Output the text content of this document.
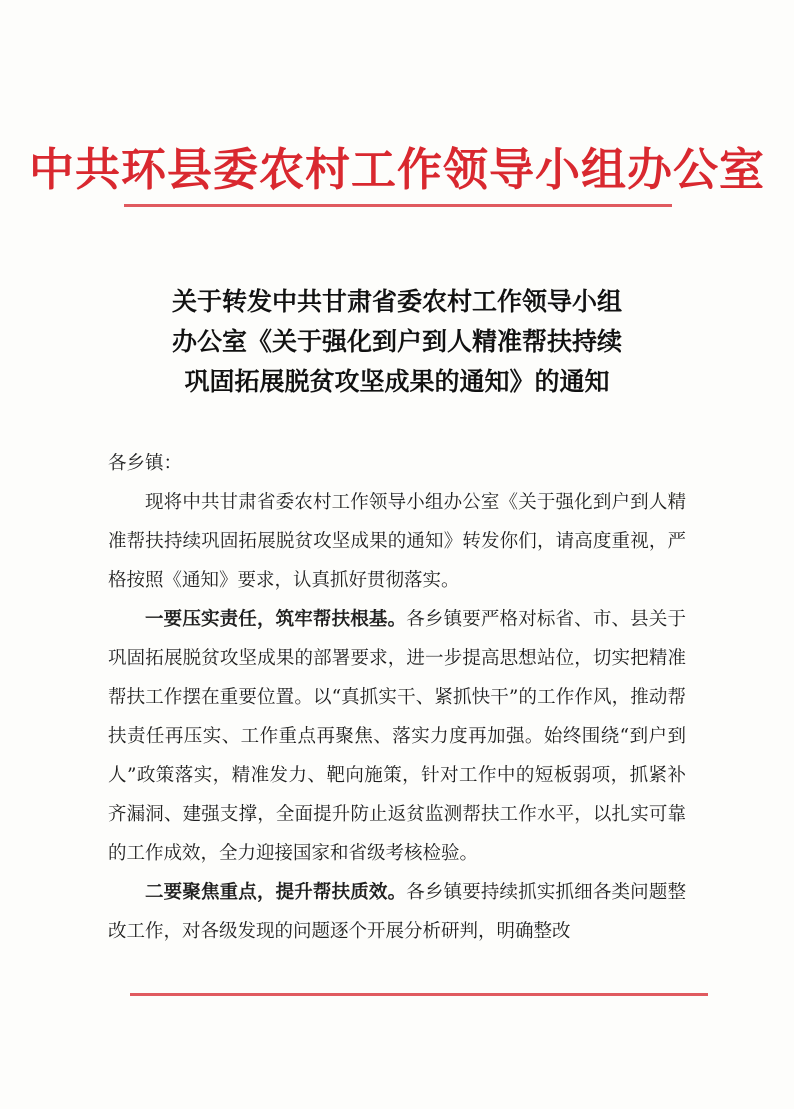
中共环县委农村工作领导小组办公室
关于转发中共甘肃省委农村工作领导小组
办公室《关于强化到户到人精准帮扶持续
巩固拓展脱贫攻坚成果的通知》的通知

各乡镇：

现将中共甘肃省委农村工作领导小组办公室《关于强化到户到人精准帮扶持续巩固拓展脱贫攻坚成果的通知》转发你们，请高度重视，严格按照《通知》要求，认真抓好贯彻落实。

一要压实责任，筑牢帮扶根基。各乡镇要严格对标省、市、县关于巩固拓展脱贫攻坚成果的部署要求，进一步提高思想站位，切实把精准帮扶工作摆在重要位置。以“真抓实干、紧抓快干”的工作作风，推动帮扶责任再压实、工作重点再聚焦、落实力度再加强。始终围绕“到户到人”政策落实，精准发力、靶向施策，针对工作中的短板弱项，抓紧补齐漏洞、建强支撑，全面提升防止返贫监测帮扶工作水平，以扎实可靠的工作成效，全力迎接国家和省级考核检验。

二要聚焦重点，提升帮扶质效。各乡镇要持续抓实抓细各类问题整改工作，对各级发现的问题逐个开展分析研判，明确整改
